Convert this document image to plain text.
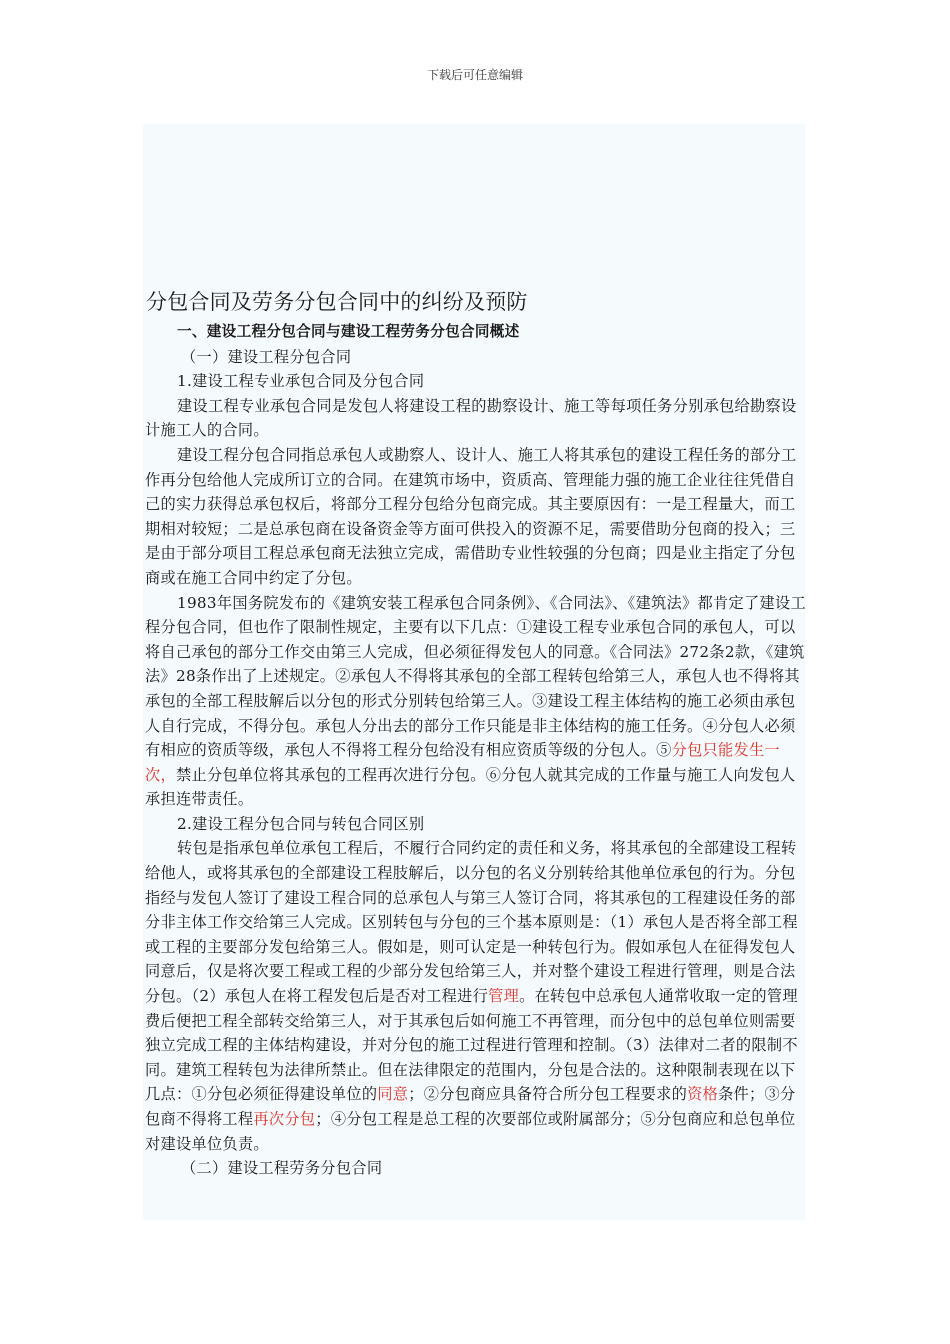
下载后可任意编辑
分包合同及劳务分包合同中的纠纷及预防

一、建设工程分包合同与建设工程劳务分包合同概述

（一）建设工程分包合同

1.建设工程专业承包合同及分包合同

建设工程专业承包合同是发包人将建设工程的勘察设计、施工等每项任务分别承包给勘察设计施工人的合同。

建设工程分包合同指总承包人或勘察人、设计人、施工人将其承包的建设工程任务的部分工作再分包给他人完成所订立的合同。在建筑市场中，资质高、管理能力强的施工企业往往凭借自己的实力获得总承包权后，将部分工程分包给分包商完成。其主要原因有：一是工程量大，而工期相对较短；二是总承包商在设备资金等方面可供投入的资源不足，需要借助分包商的投入；三是由于部分项目工程总承包商无法独立完成，需借助专业性较强的分包商；四是业主指定了分包商或在施工合同中约定了分包。

1983年国务院发布的《建筑安装工程承包合同条例》、《合同法》、《建筑法》都肯定了建设工程分包合同，但也作了限制性规定，主要有以下几点：①建设工程专业承包合同的承包人，可以将自己承包的部分工作交由第三人完成，但必须征得发包人的同意。《合同法》272条2款，《建筑法》28条作出了上述规定。②承包人不得将其承包的全部工程转包给第三人，承包人也不得将其承包的全部工程肢解后以分包的形式分别转包给第三人。③建设工程主体结构的施工必须由承包人自行完成，不得分包。承包人分出去的部分工作只能是非主体结构的施工任务。④分包人必须有相应的资质等级，承包人不得将工程分包给没有相应资质等级的分包人。⑤分包只能发生一次，禁止分包单位将其承包的工程再次进行分包。⑥分包人就其完成的工作量与施工人向发包人承担连带责任。

2.建设工程分包合同与转包合同区别

转包是指承包单位承包工程后，不履行合同约定的责任和义务，将其承包的全部建设工程转给他人，或将其承包的全部建设工程肢解后，以分包的名义分别转给其他单位承包的行为。分包指经与发包人签订了建设工程合同的总承包人与第三人签订合同，将其承包的工程建设任务的部分非主体工作交给第三人完成。区别转包与分包的三个基本原则是：（1）承包人是否将全部工程或工程的主要部分发包给第三人。假如是，则可认定是一种转包行为。假如承包人在征得发包人同意后，仅是将次要工程或工程的少部分发包给第三人，并对整个建设工程进行管理，则是合法分包。（2）承包人在将工程发包后是否对工程进行管理。在转包中总承包人通常收取一定的管理费后便把工程全部转交给第三人，对于其承包后如何施工不再管理，而分包中的总包单位则需要独立完成工程的主体结构建设，并对分包的施工过程进行管理和控制。（3）法律对二者的限制不同。建筑工程转包为法律所禁止。但在法律限定的范围内，分包是合法的。这种限制表现在以下几点：①分包必须征得建设单位的同意；②分包商应具备符合所分包工程要求的资格条件；③分包商不得将工程再次分包；④分包工程是总工程的次要部位或附属部分；⑤分包商应和总包单位对建设单位负责。

（二）建设工程劳务分包合同
